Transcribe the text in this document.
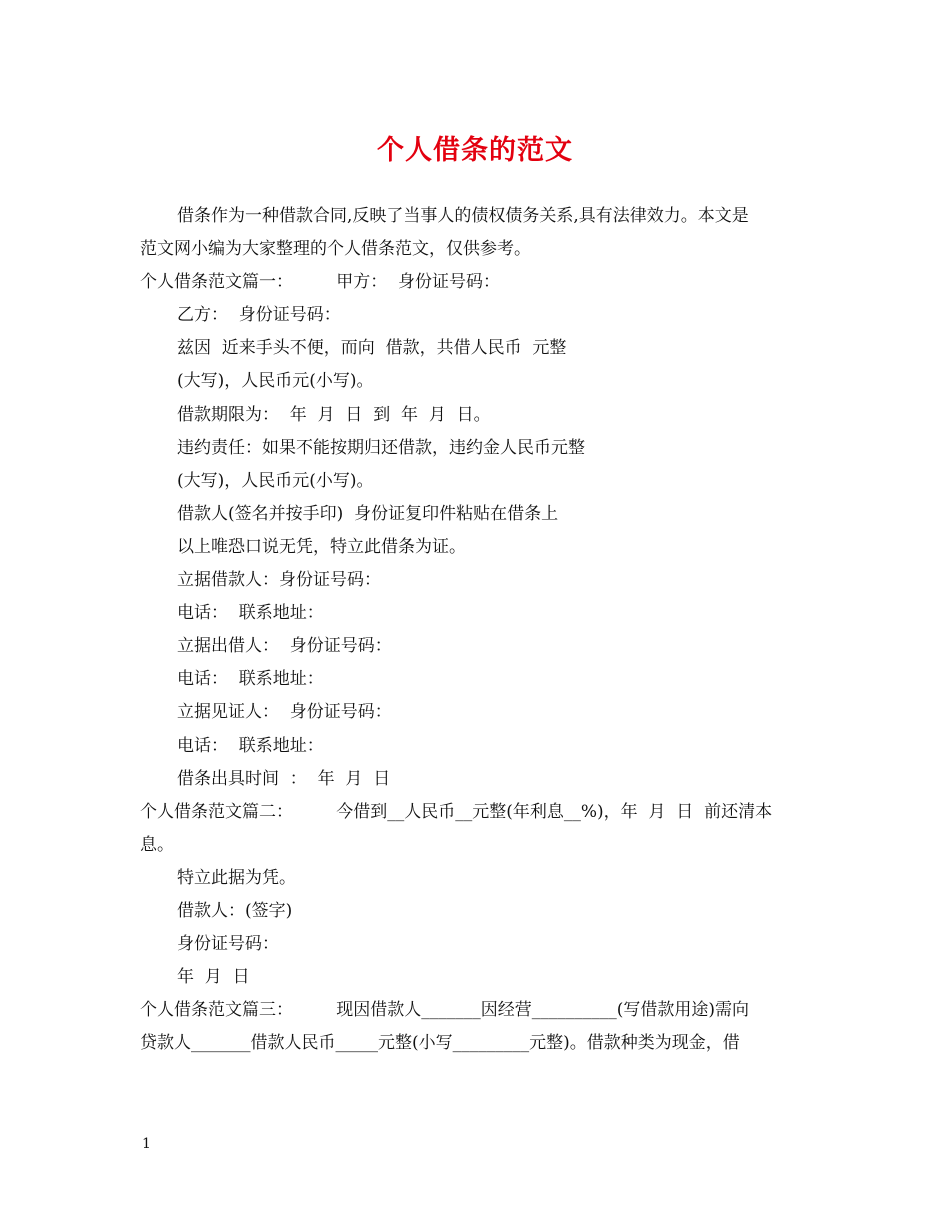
个人借条的范文
借条作为一种借款合同,反映了当事人的债权债务关系,具有法律效力。本文是
范文网小编为大家整理的个人借条范文，仅供参考。
个人借条范文篇一：        甲方：  身份证号码：
乙方：  身份证号码：
兹因  近来手头不便，而向  借款，共借人民币  元整
(大写)，人民币元(小写)。
借款期限为：  年  月  日  到  年  月  日。
违约责任：如果不能按期归还借款，违约金人民币元整
(大写)，人民币元(小写)。
借款人(签名并按手印)  身份证复印件粘贴在借条上
以上唯恐口说无凭，特立此借条为证。
立据借款人：身份证号码：
电话：  联系地址：
立据出借人：  身份证号码：
电话：  联系地址：
立据见证人：  身份证号码：
电话：  联系地址：
借条出具时间  ：  年  月  日
个人借条范文篇二：        今借到__人民币__元整(年利息__%)，年  月  日  前还清本
息。
特立此据为凭。
借款人：(签字)
身份证号码：
年  月  日
个人借条范文篇三：        现因借款人_______因经营__________(写借款用途)需向
贷款人_______借款人民币_____元整(小写_________元整)。借款种类为现金，借
1
